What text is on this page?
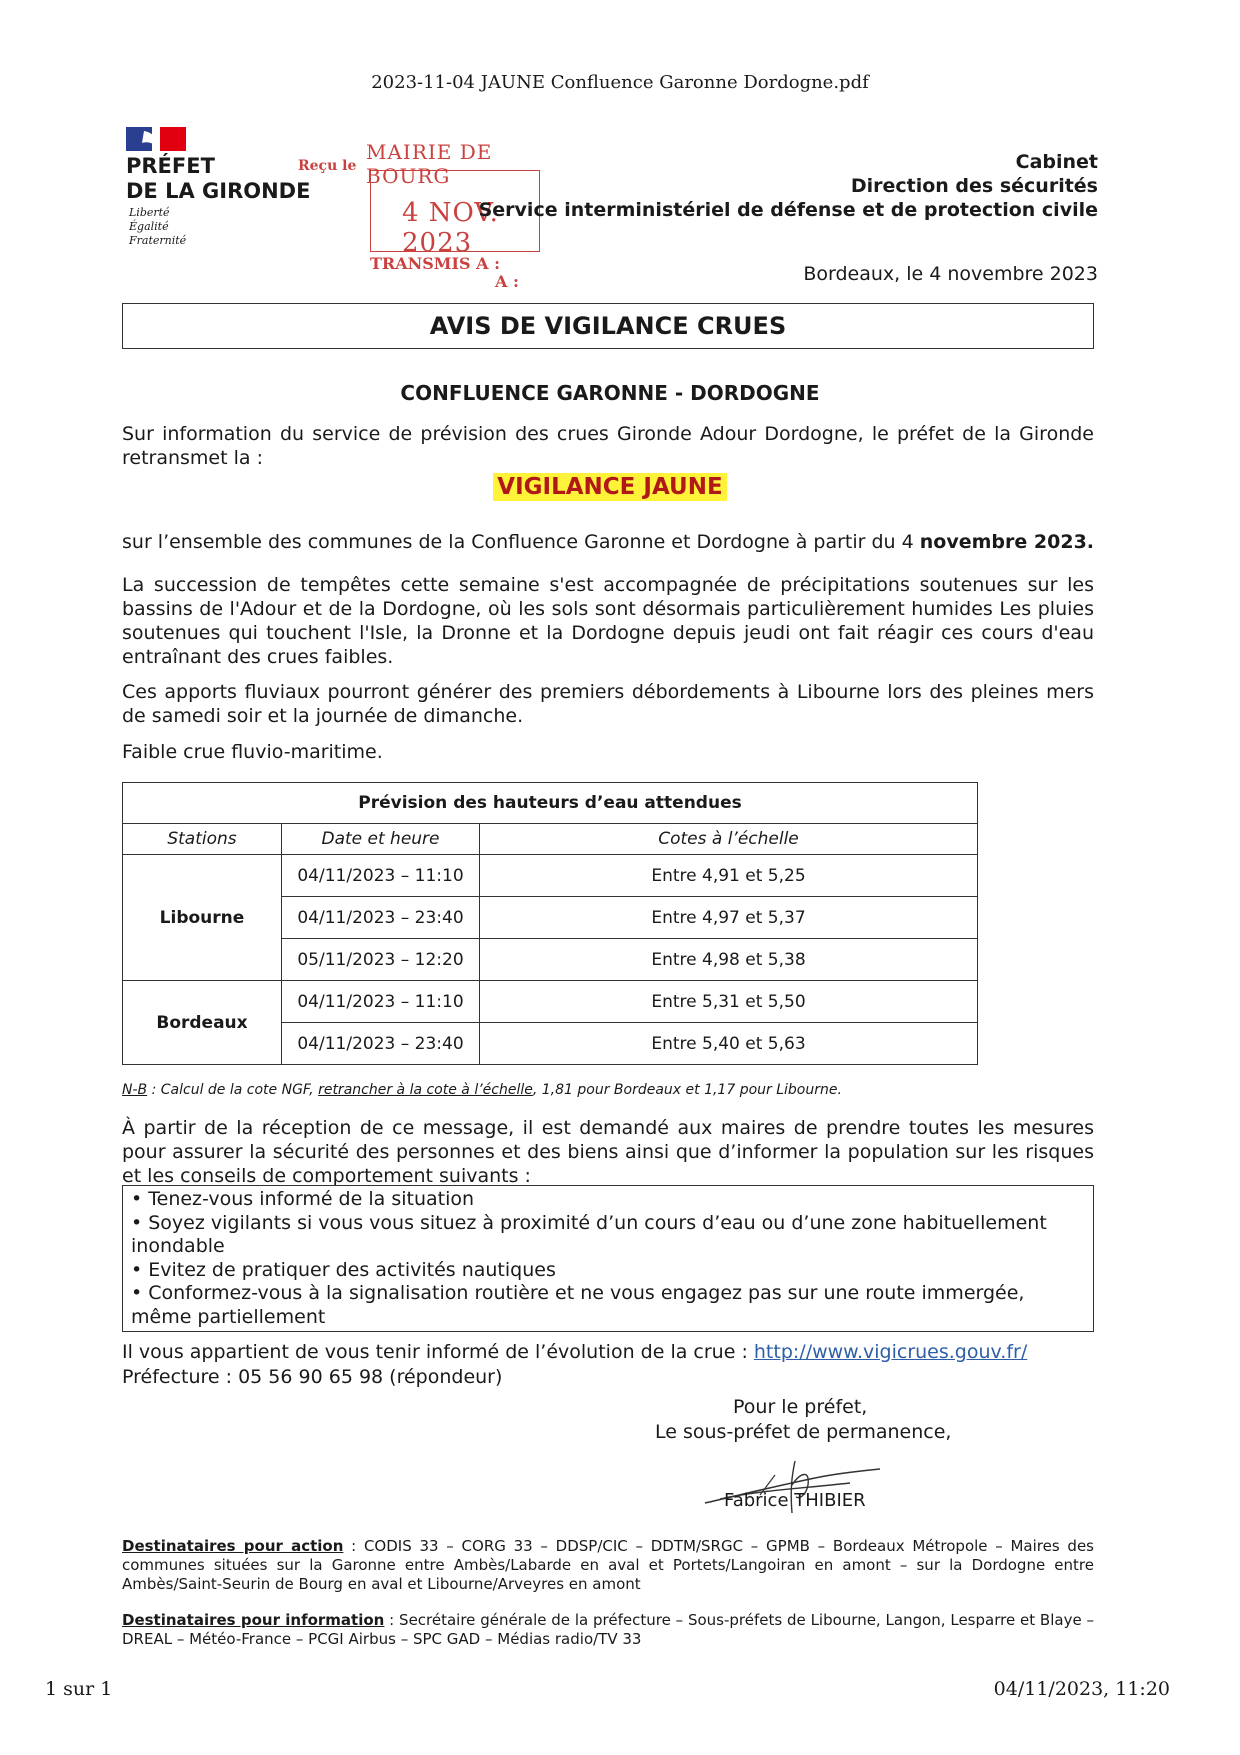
2023-11-04 JAUNE Confluence Garonne Dordogne.pdf
PRÉFET
DE LA GIRONDE
Liberté
Égalité
Fraternité
Reçu le
MAIRIE DE BOURG
4 NOV. 2023
TRANSMIS A :
A :
Cabinet
Direction des sécurités
Service interministériel de défense et de protection civile
Bordeaux, le 4 novembre 2023
AVIS DE VIGILANCE CRUES
CONFLUENCE GARONNE - DORDOGNE
Sur information du service de prévision des crues Gironde Adour Dordogne, le préfet de la Gironde retransmet la :
VIGILANCE JAUNE
sur l’ensemble des communes de la Confluence Garonne et Dordogne à partir du 4 novembre 2023.
La succession de tempêtes cette semaine s'est accompagnée de précipitations soutenues sur les bassins de l'Adour et de la Dordogne, où les sols sont désormais particulièrement humides Les pluies soutenues qui touchent l'Isle, la Dronne et la Dordogne depuis jeudi ont fait réagir ces cours d'eau entraînant des crues faibles.
Ces apports fluviaux pourront générer des premiers débordements à Libourne lors des pleines mers de samedi soir et la journée de dimanche.
Faible crue fluvio-maritime.
Prévision des hauteurs d’eau attendues		
Stations	Date et heure	Cotes à l’échelle
Libourne	04/11/2023 – 11:10	Entre 4,91 et 5,25
	04/11/2023 – 23:40	Entre 4,97 et 5,37
	05/11/2023 – 12:20	Entre 4,98 et 5,38
Bordeaux	04/11/2023 – 11:10	Entre 5,31 et 5,50
	04/11/2023 – 23:40	Entre 5,40 et 5,63
N-B : Calcul de la cote NGF, retrancher à la cote à l’échelle, 1,81 pour Bordeaux et 1,17 pour Libourne.
À partir de la réception de ce message, il est demandé aux maires de prendre toutes les mesures pour assurer la sécurité des personnes et des biens ainsi que d’informer la population sur les risques et les conseils de comportement suivants :
• Tenez-vous informé de la situation
• Soyez vigilants si vous vous situez à proximité d’un cours d’eau ou d’une zone habituellement inondable
• Evitez de pratiquer des activités nautiques
• Conformez-vous à la signalisation routière et ne vous engagez pas sur une route immergée, même partiellement
Il vous appartient de vous tenir informé de l’évolution de la crue : http://www.vigicrues.gouv.fr/
Préfecture : 05 56 90 65 98 (répondeur)
Pour le préfet,
Le sous-préfet de permanence,
Fabrice THIBIER
Destinataires pour action : CODIS 33 – CORG 33 – DDSP/CIC – DDTM/SRGC – GPMB – Bordeaux Métropole – Maires des communes situées sur la Garonne entre Ambès/Labarde en aval et Portets/Langoiran en amont – sur la Dordogne entre Ambès/Saint-Seurin de Bourg en aval et Libourne/Arveyres en amont
Destinataires pour information : Secrétaire générale de la préfecture – Sous-préfets de Libourne, Langon, Lesparre et Blaye – DREAL – Météo-France – PCGI Airbus – SPC GAD – Médias radio/TV 33
1 sur 1	04/11/2023, 11:20
